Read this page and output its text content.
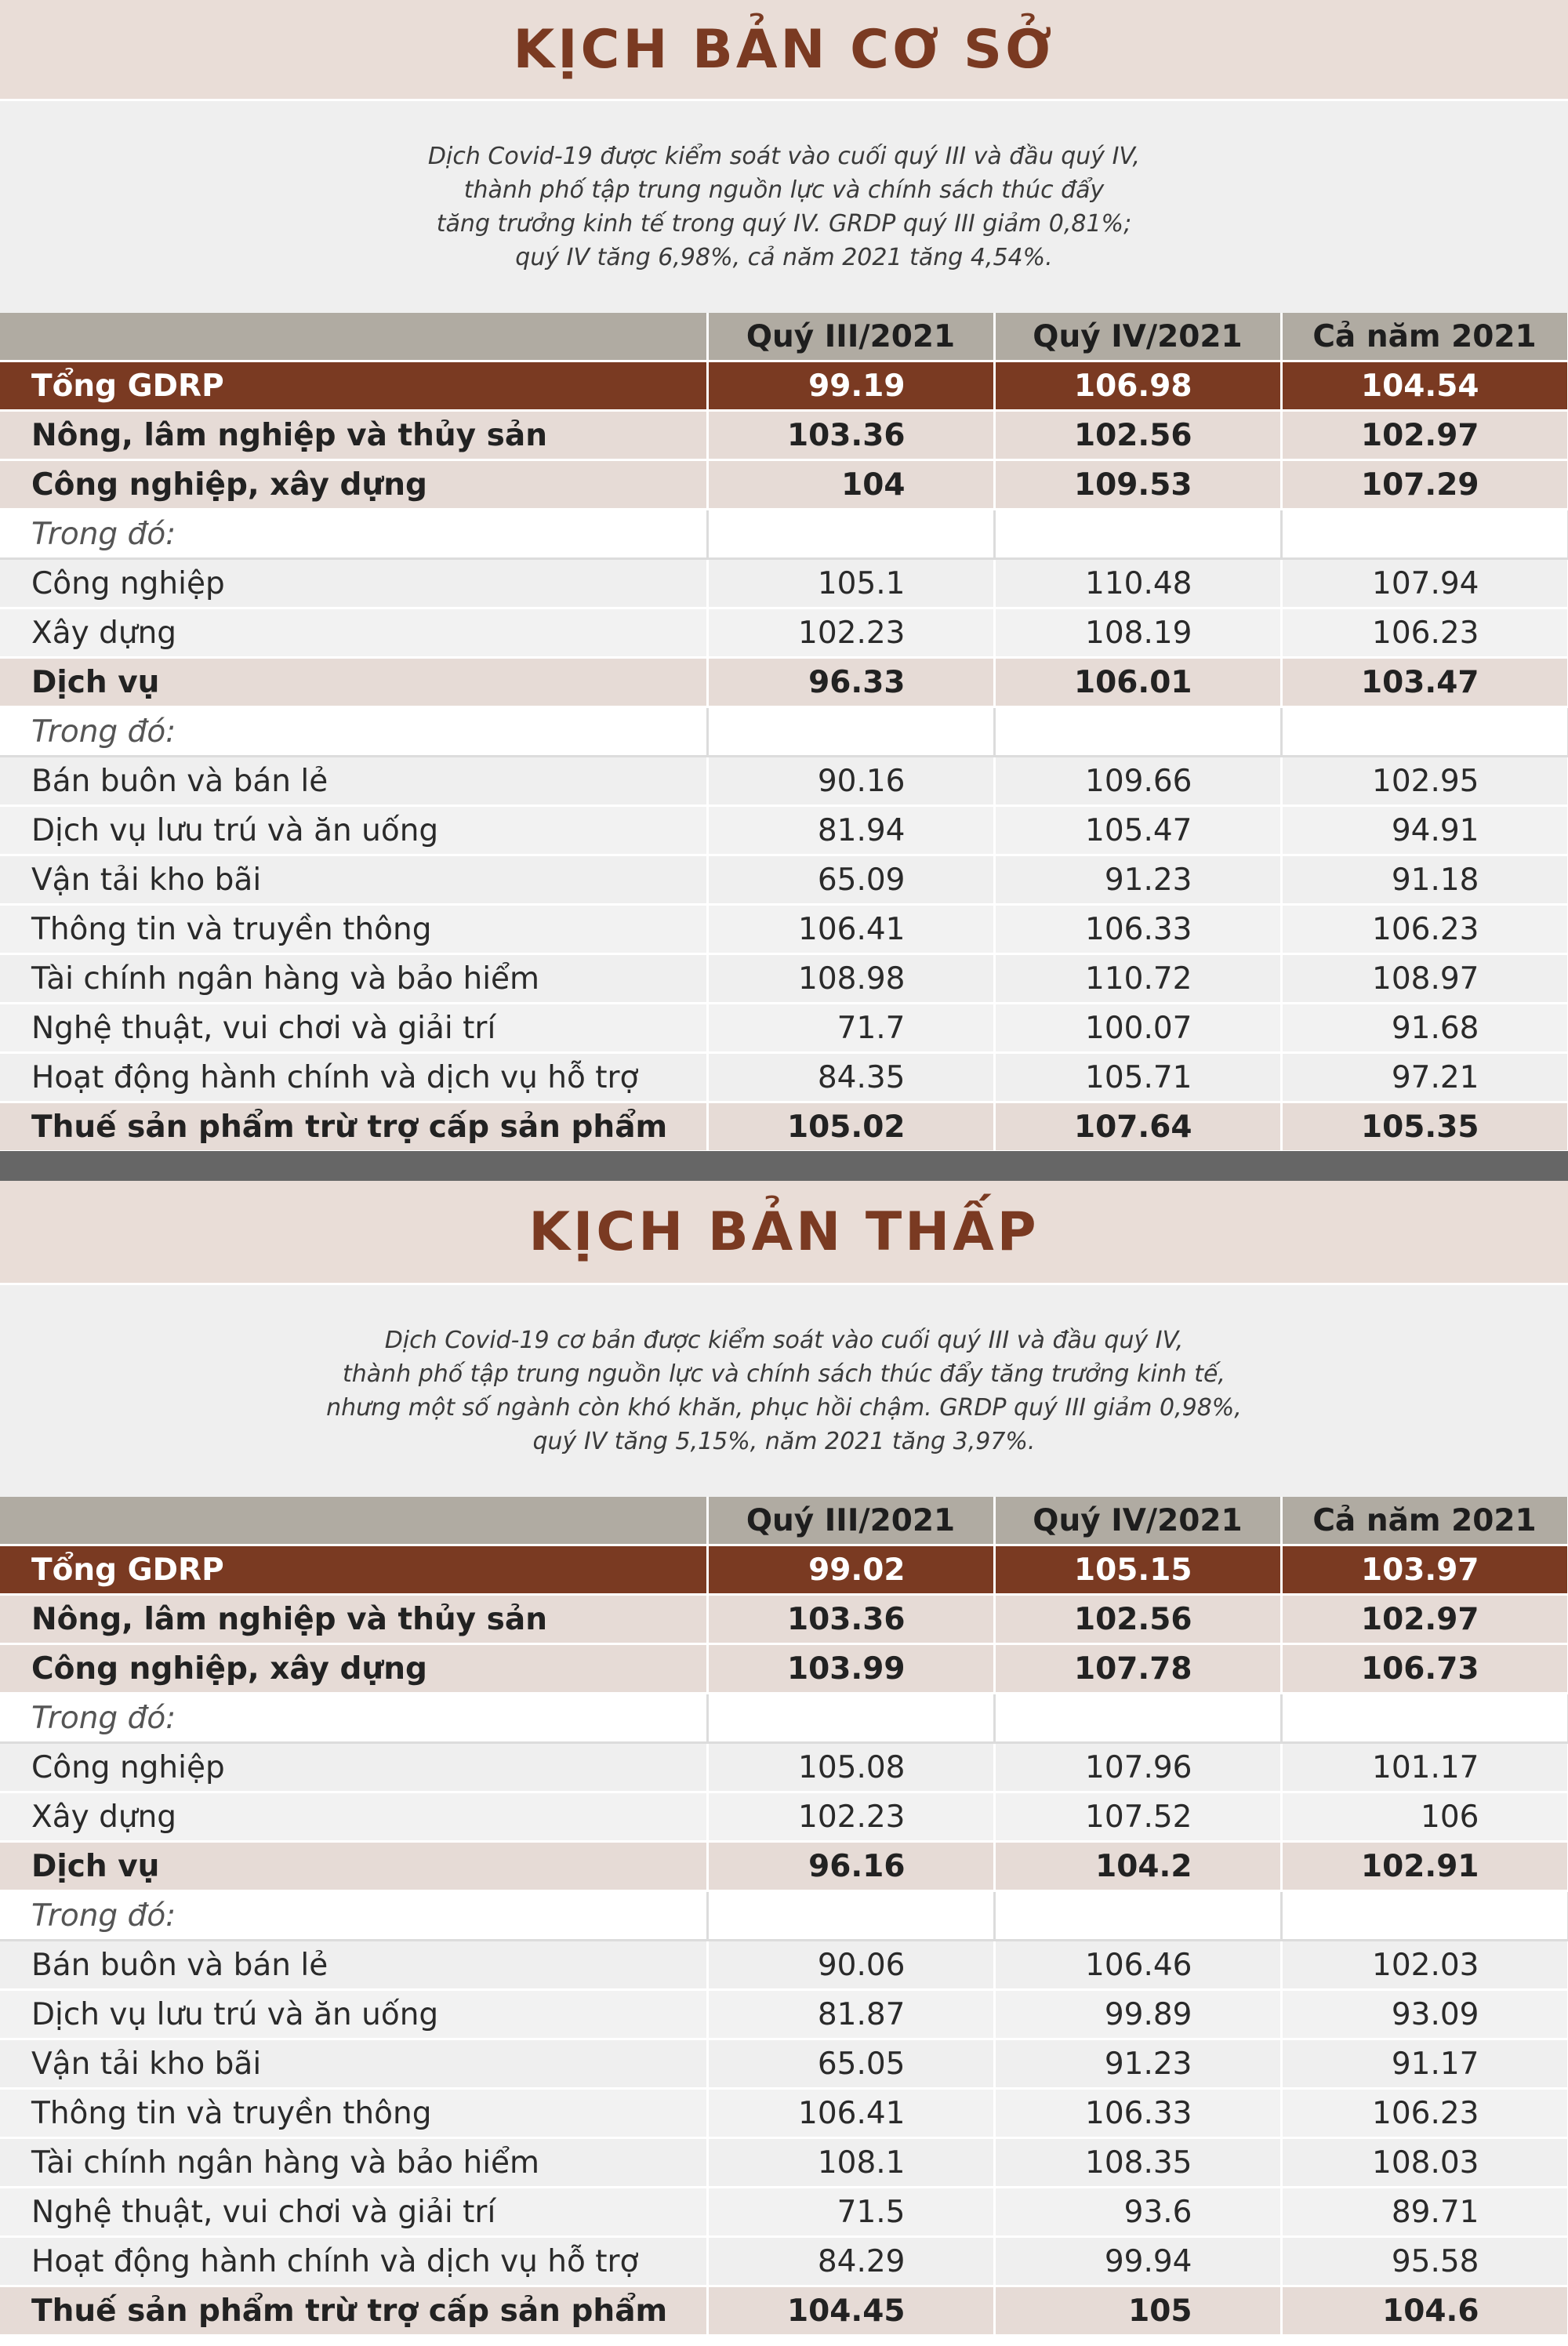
KỊCH BẢN CƠ SỞ
Dịch Covid-19 được kiểm soát vào cuối quý III và đầu quý IV,
thành phố tập trung nguồn lực và chính sách thúc đẩy
tăng trưởng kinh tế trong quý IV. GRDP quý III giảm 0,81%;
quý IV tăng 6,98%, cả năm 2021 tăng 4,54%.
	Quý III/2021	Quý IV/2021	Cả năm 2021
Tổng GDRP	99.19	106.98	104.54
Nông, lâm nghiệp và thủy sản	103.36	102.56	102.97
Công nghiệp, xây dựng	104	109.53	107.29
Trong đó:			
Công nghiệp	105.1	110.48	107.94
Xây dựng	102.23	108.19	106.23
Dịch vụ	96.33	106.01	103.47
Trong đó:			
Bán buôn và bán lẻ	90.16	109.66	102.95
Dịch vụ lưu trú và ăn uống	81.94	105.47	94.91
Vận tải kho bãi	65.09	91.23	91.18
Thông tin và truyền thông	106.41	106.33	106.23
Tài chính ngân hàng và bảo hiểm	108.98	110.72	108.97
Nghệ thuật, vui chơi và giải trí	71.7	100.07	91.68
Hoạt động hành chính và dịch vụ hỗ trợ	84.35	105.71	97.21
Thuế sản phẩm trừ trợ cấp sản phẩm	105.02	107.64	105.35
KỊCH BẢN THẤP
Dịch Covid-19 cơ bản được kiểm soát vào cuối quý III và đầu quý IV,
thành phố tập trung nguồn lực và chính sách thúc đẩy tăng trưởng kinh tế,
nhưng một số ngành còn khó khăn, phục hồi chậm. GRDP quý III giảm 0,98%,
quý IV tăng 5,15%, năm 2021 tăng 3,97%.
	Quý III/2021	Quý IV/2021	Cả năm 2021
Tổng GDRP	99.02	105.15	103.97
Nông, lâm nghiệp và thủy sản	103.36	102.56	102.97
Công nghiệp, xây dựng	103.99	107.78	106.73
Trong đó:			
Công nghiệp	105.08	107.96	101.17
Xây dựng	102.23	107.52	106
Dịch vụ	96.16	104.2	102.91
Trong đó:			
Bán buôn và bán lẻ	90.06	106.46	102.03
Dịch vụ lưu trú và ăn uống	81.87	99.89	93.09
Vận tải kho bãi	65.05	91.23	91.17
Thông tin và truyền thông	106.41	106.33	106.23
Tài chính ngân hàng và bảo hiểm	108.1	108.35	108.03
Nghệ thuật, vui chơi và giải trí	71.5	93.6	89.71
Hoạt động hành chính và dịch vụ hỗ trợ	84.29	99.94	95.58
Thuế sản phẩm trừ trợ cấp sản phẩm	104.45	105	104.6
